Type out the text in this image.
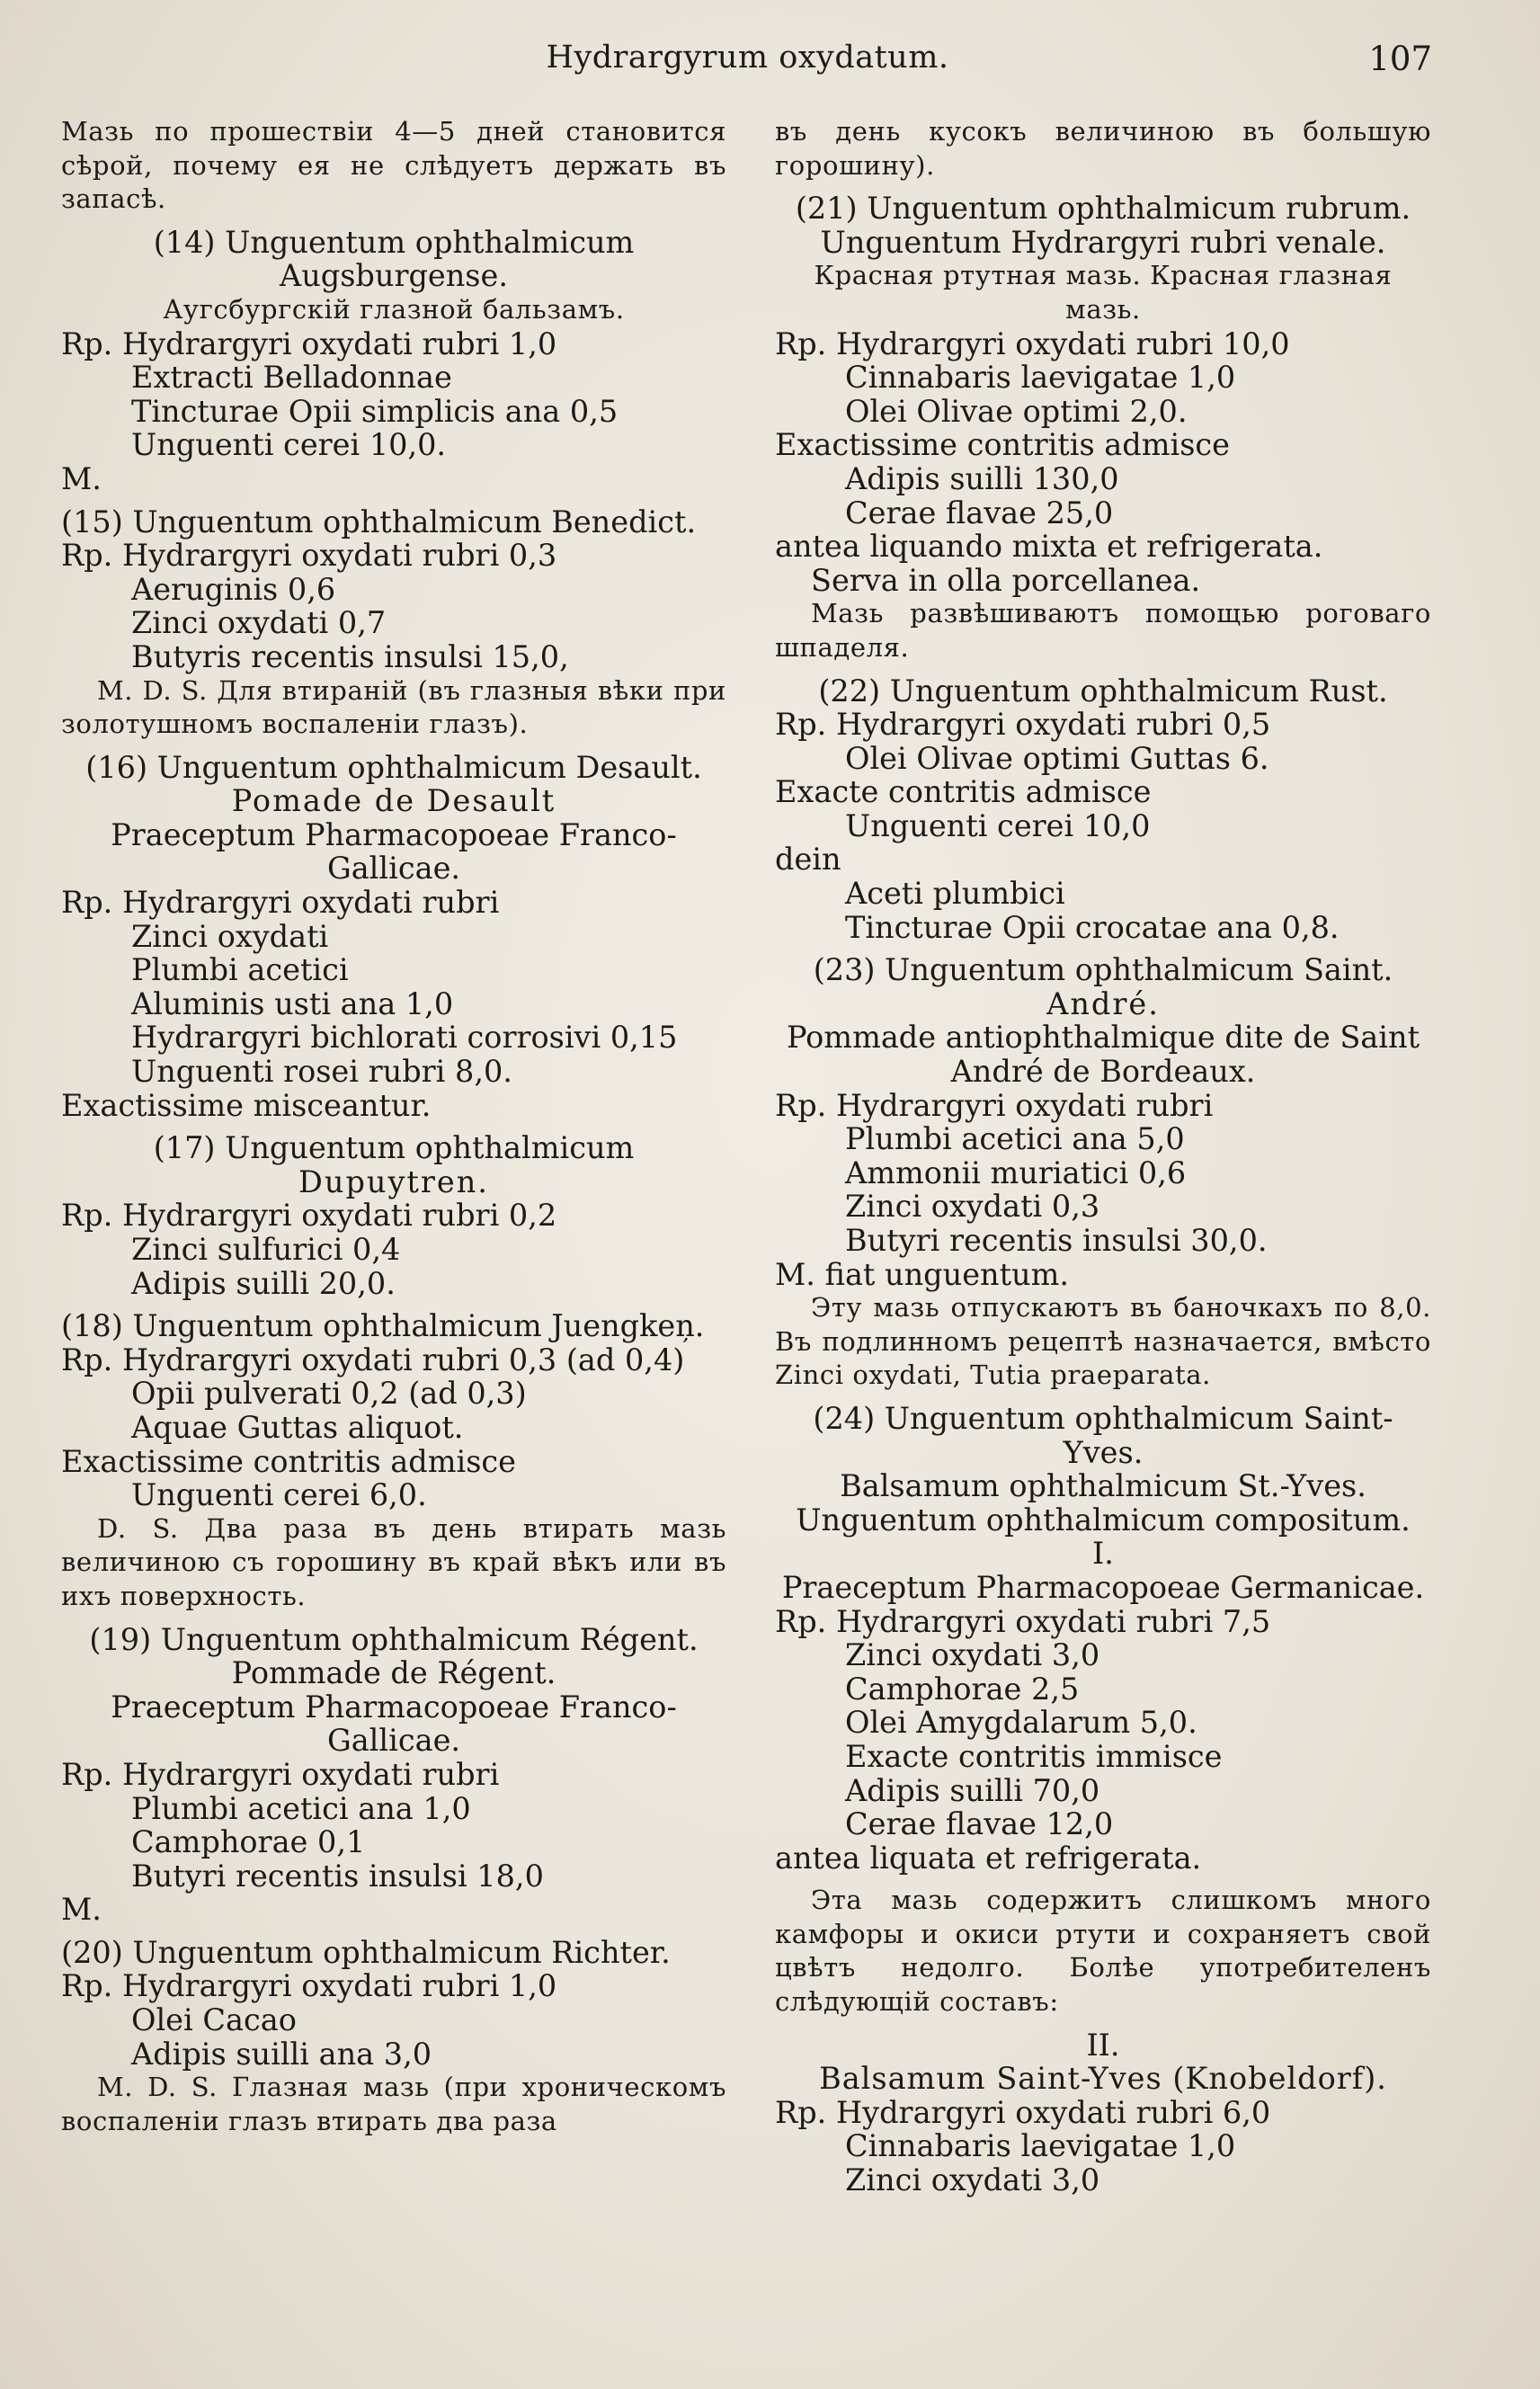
Hydrargyrum oxydatum.	107

Мазь по прошествіи 4—5 дней становится сѣрой, почему ея не слѣдуетъ держать въ запасѣ.

(14) Unguentum ophthalmicum Augsburgense.

Аугсбургскій глазной бальзамъ.

Rp. Hydrargyri oxydati rubri 1,0

Extracti Belladonnae

Tincturae Opii simplicis ana 0,5

Unguenti cerei 10,0.

M.

(15) Unguentum ophthalmicum Benedict.

Rp. Hydrargyri oxydati rubri 0,3

Aeruginis 0,6

Zinci oxydati 0,7

Butyris recentis insulsi 15,0,

M. D. S. Для втираній (въ глазныя вѣки при золотушномъ воспаленіи глазъ).

(16) Unguentum ophthalmicum Desault.

Pomade de Desault

Praeceptum Pharmacopoeae Franco-Gallicae.

Rp. Hydrargyri oxydati rubri

Zinci oxydati

Plumbi acetici

Aluminis usti ana 1,0

Hydrargyri bichlorati corrosivi 0,15

Unguenti rosei rubri 8,0.

Exactissime misceantur.

(17) Unguentum ophthalmicum

Dupuytren.

Rp. Hydrargyri oxydati rubri 0,2

Zinci sulfurici 0,4

Adipis suilli 20,0.

(18) Unguentum ophthalmicum Juengkeņ.

Rp. Hydrargyri oxydati rubri 0,3 (ad 0,4)

Opii pulverati 0,2 (ad 0,3)

Aquae Guttas aliquot.

Exactissime contritis admisce

Unguenti cerei 6,0.

D. S. Два раза въ день втирать мазь величиною съ горошину въ край вѣкъ или въ ихъ поверхность.

(19) Unguentum ophthalmicum Régent.

Pommade de Régent.

Praeceptum Pharmacopoeae Franco-Gallicae.

Rp. Hydrargyri oxydati rubri

Plumbi acetici ana 1,0

Camphorae 0,1

Butyri recentis insulsi 18,0

M.

(20) Unguentum ophthalmicum Richter.

Rp. Hydrargyri oxydati rubri 1,0

Olei Cacao

Adipis suilli ana 3,0

M. D. S. Глазная мазь (при хроническомъ воспаленіи глазъ втирать два раза

въ день кусокъ величиною въ большую горошину).

(21) Unguentum ophthalmicum rubrum.

Unguentum Hydrargyri rubri venale.

Красная ртутная мазь. Красная глазная мазь.

Rp. Hydrargyri oxydati rubri 10,0

Cinnabaris laevigatae 1,0

Olei Olivae optimi 2,0.

Exactissime contritis admisce

Adipis suilli 130,0

Cerae flavae 25,0

antea liquando mixta et refrigerata.

Serva in olla porcellanea.

Мазь развѣшиваютъ помощью роговаго шпаделя.

(22) Unguentum ophthalmicum Rust.

Rp. Hydrargyri oxydati rubri 0,5

Olei Olivae optimi Guttas 6.

Exacte contritis admisce

Unguenti cerei 10,0

dein

Aceti plumbici

Tincturae Opii crocatae ana 0,8.

(23) Unguentum ophthalmicum Saint.

André.

Pommade antiophthalmique dite de Saint André de Bordeaux.

Rp. Hydrargyri oxydati rubri

Plumbi acetici ana 5,0

Ammonii muriatici 0,6

Zinci oxydati 0,3

Butyri recentis insulsi 30,0.

M. fiat unguentum.

Эту мазь отпускаютъ въ баночкахъ по 8,0. Въ подлинномъ рецептѣ назначается, вмѣсто Zinci oxydati, Tutia praeparata.

(24) Unguentum ophthalmicum Saint-Yves.

Balsamum ophthalmicum St.-Yves.

Unguentum ophthalmicum compositum.

I.

Praeceptum Pharmacopoeae Germanicae.

Rp. Hydrargyri oxydati rubri 7,5

Zinci oxydati 3,0

Camphorae 2,5

Olei Amygdalarum 5,0.

Exacte contritis immisce

Adipis suilli 70,0

Cerae flavae 12,0

antea liquata et refrigerata.

Эта мазь содержитъ слишкомъ много камфоры и окиси ртути и сохраняетъ свой цвѣтъ недолго. Болѣе употребителенъ слѣдующій составъ:

II.

Balsamum Saint-Yves (Knobeldorf).

Rp. Hydrargyri oxydati rubri 6,0

Cinnabaris laevigatae 1,0

Zinci oxydati 3,0
